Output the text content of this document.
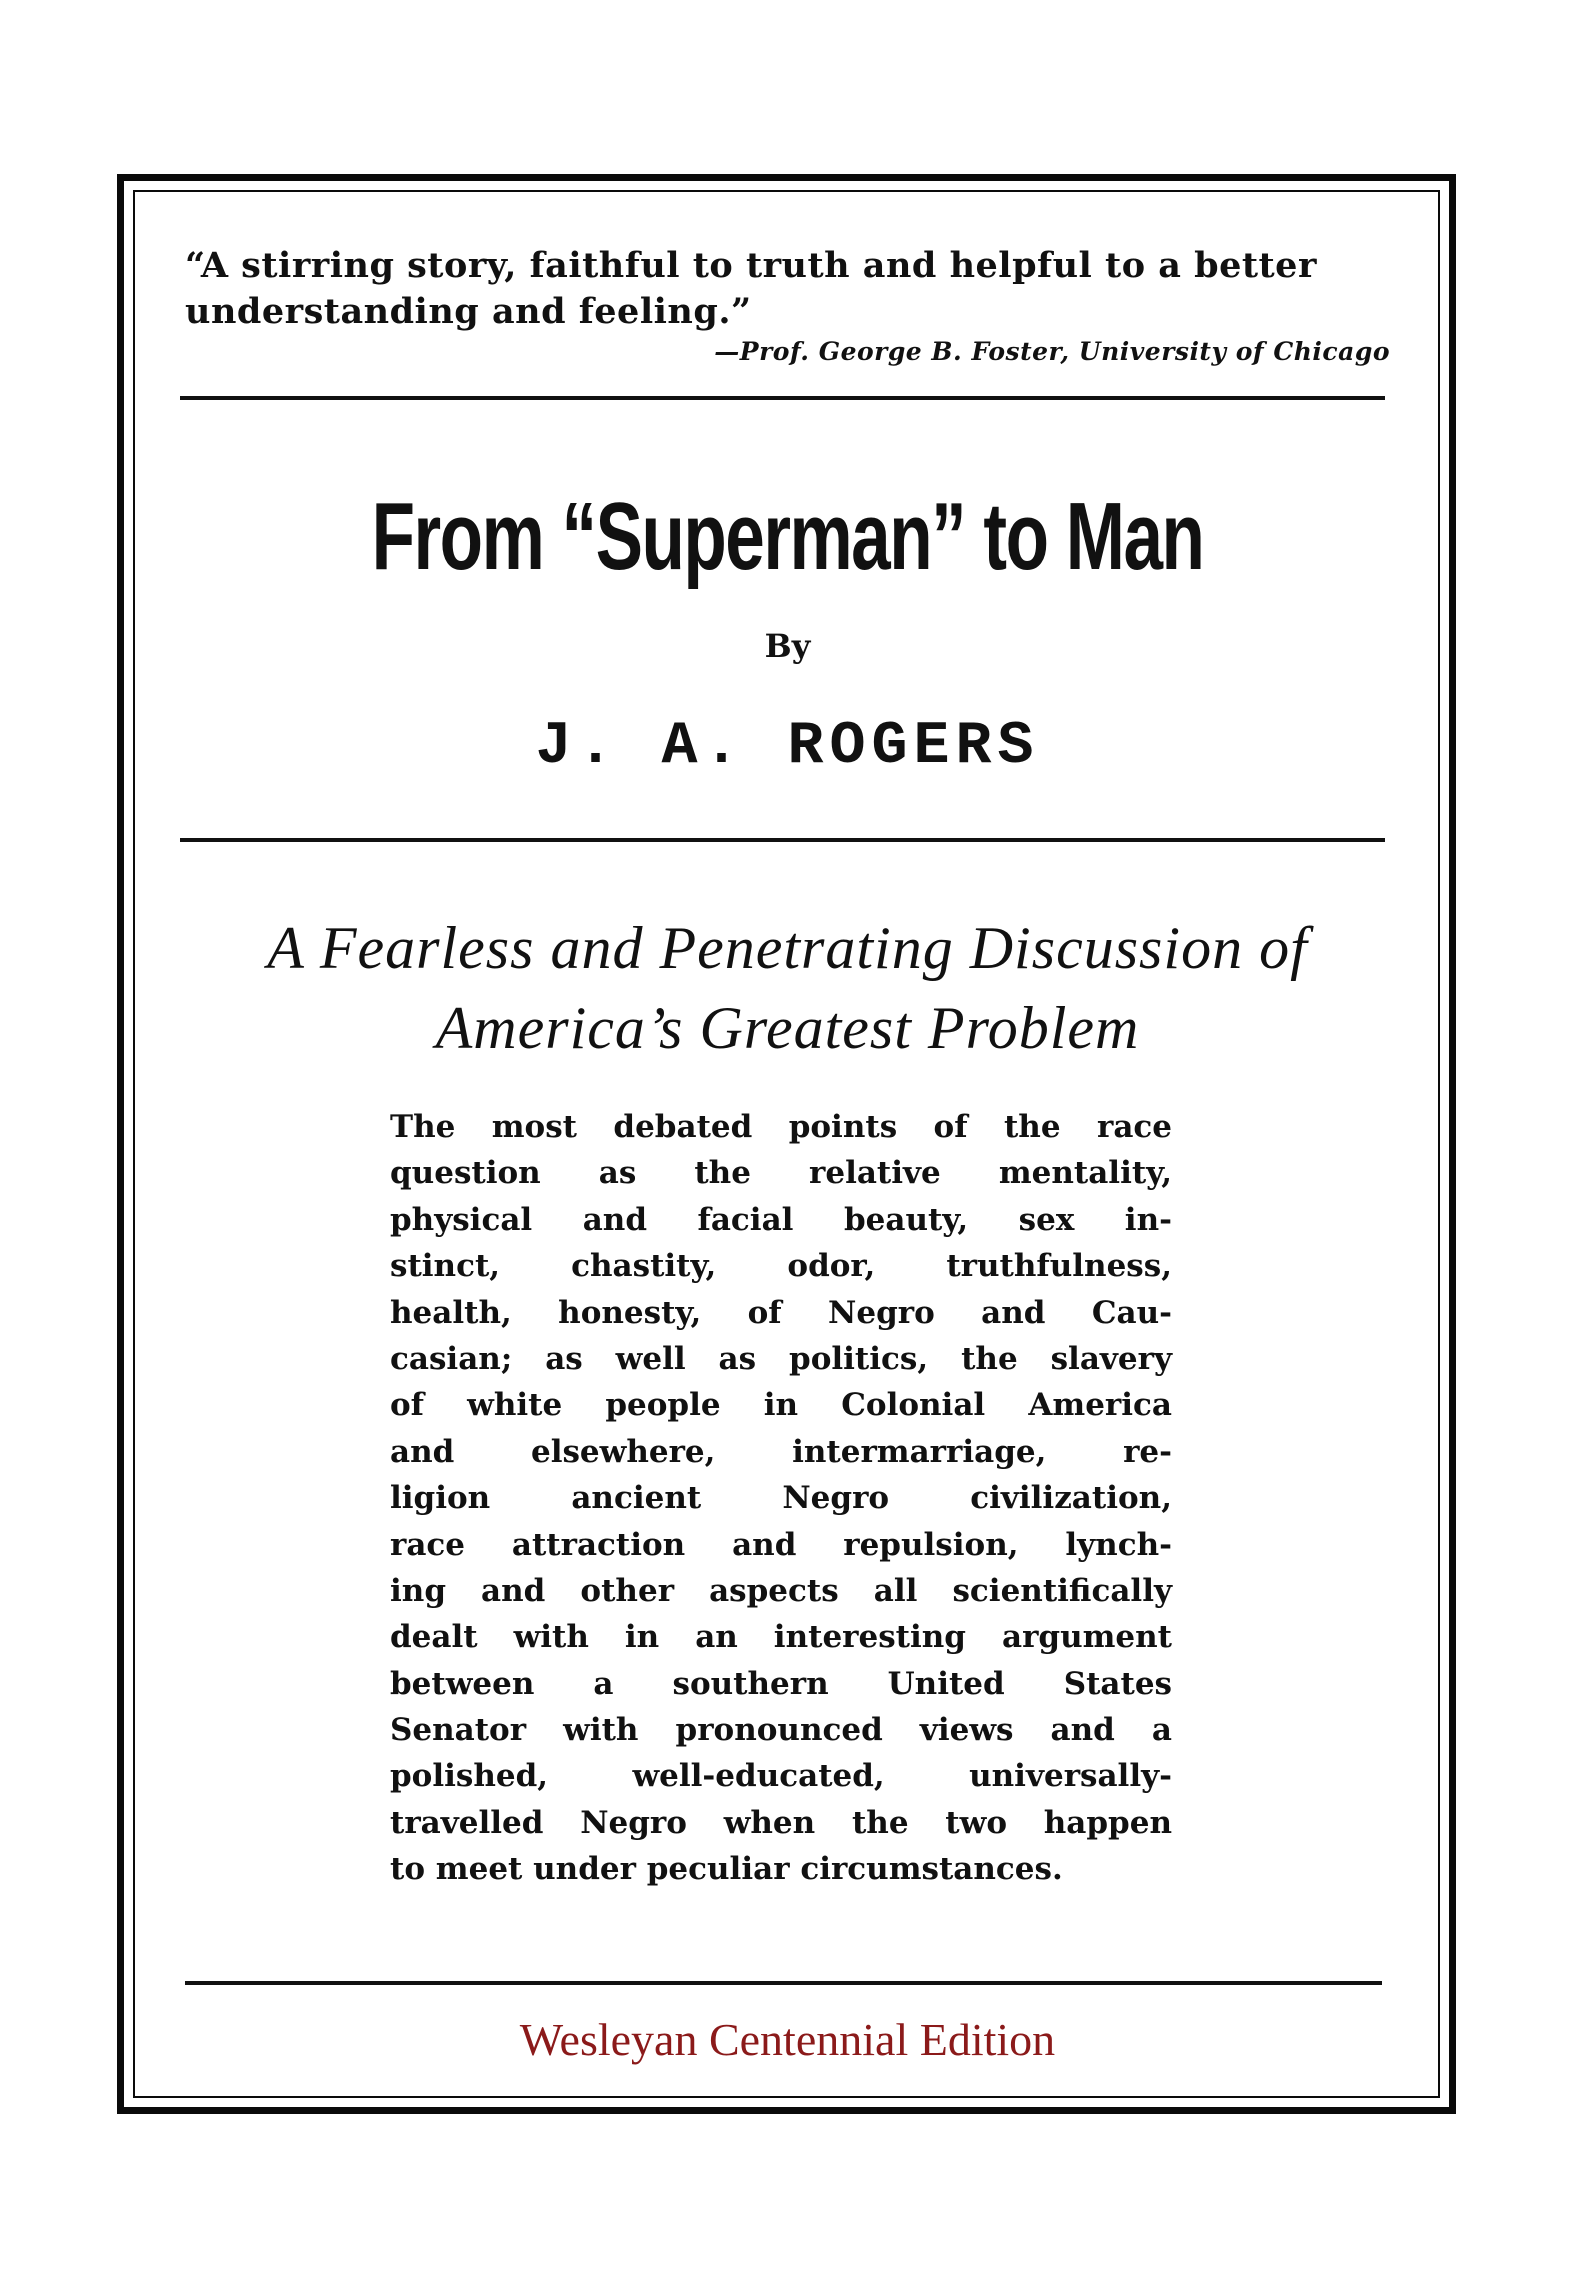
“A stirring story, faithful to truth and helpful to a better understanding and feeling.”
—Prof. George B. Foster, University of Chicago
From “Superman” to Man
By
J. A. ROGERS
A Fearless and Penetrating Discussion of
America’s Greatest Problem
The most debated points of the race
question as the relative mentality,
physical and facial beauty, sex in-
stinct, chastity, odor, truthfulness,
health, honesty, of Negro and Cau-
casian; as well as politics, the slavery
of white people in Colonial America
and elsewhere, intermarriage, re-
ligion ancient Negro civilization,
race attraction and repulsion, lynch-
ing and other aspects all scientifically
dealt with in an interesting argument
between a southern United States
Senator with pronounced views and a
polished, well-educated, universally-
travelled Negro when the two happen
to meet under peculiar circumstances.
Wesleyan Centennial Edition
